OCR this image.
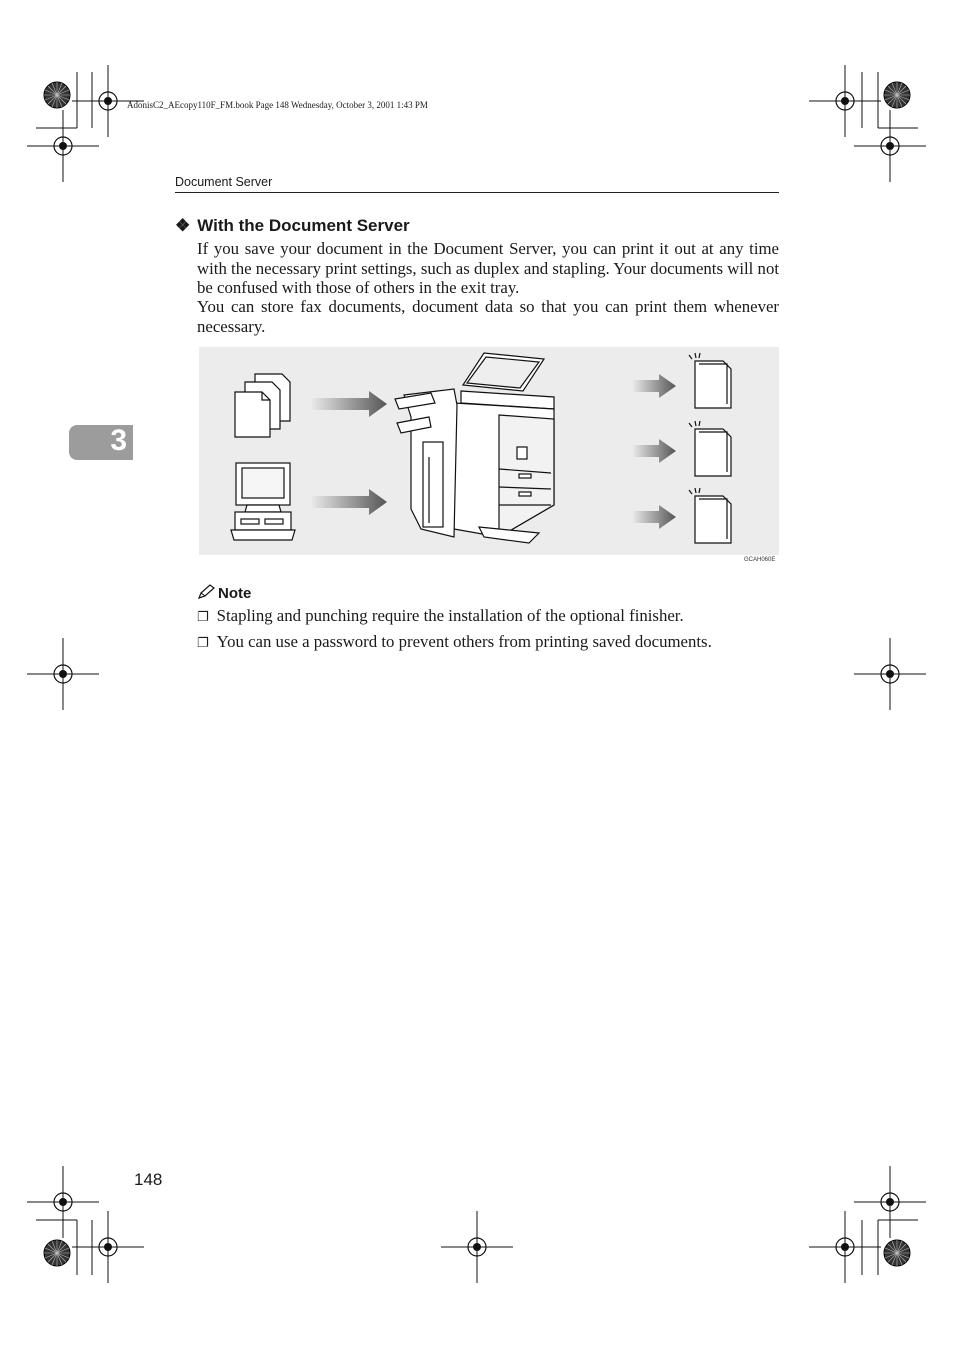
AdonisC2_AEcopy110F_FM.book Page 148 Wednesday, October 3, 2001 1:43 PM
Document Server
3
❖ With the Document Server
If you save your document in the Document Server, you can print it out at any time with the necessary print settings, such as duplex and stapling. Your documents will not be confused with those of others in the exit tray.
You can store fax documents, document data so that you can print them whenever necessary.
GCAH060E
Note
❐ Stapling and punching require the installation of the optional finisher.
❐ You can use a password to prevent others from printing saved documents.
148
